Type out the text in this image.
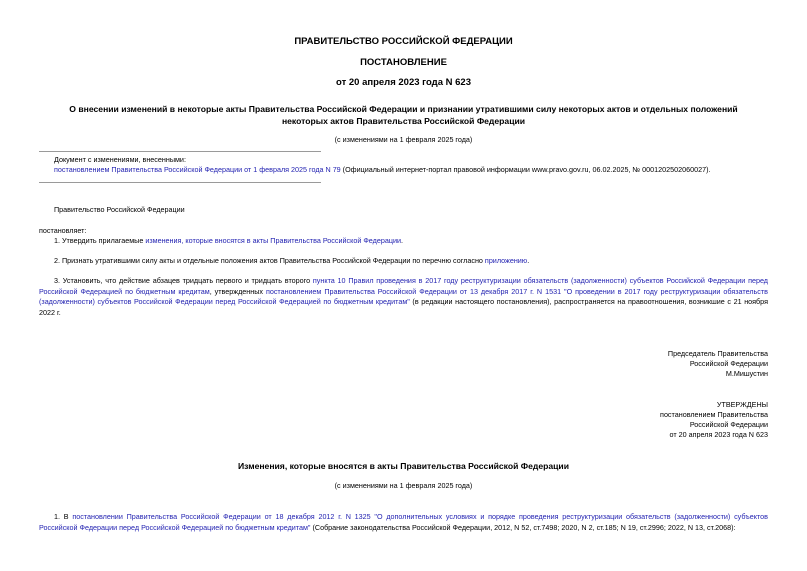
ПРАВИТЕЛЬСТВО РОССИЙСКОЙ ФЕДЕРАЦИИ
ПОСТАНОВЛЕНИЕ
от 20 апреля 2023 года N 623
О внесении изменений в некоторые акты Правительства Российской Федерации и признании утратившими силу некоторых актов и отдельных положений
некоторых актов Правительства Российской Федерации
(с изменениями на 1 февраля 2025 года)
Документ с изменениями, внесенными:
постановлением Правительства Российской Федерации от 1 февраля 2025 года N 79 (Официальный интернет-портал правовой информации www.pravo.gov.ru, 06.02.2025, № 0001202502060027).
Правительство Российской Федерации
постановляет:
1. Утвердить прилагаемые изменения, которые вносятся в акты Правительства Российской Федерации.
2. Признать утратившими силу акты и отдельные положения актов Правительства Российской Федерации по перечню согласно приложению.
3. Установить, что действие абзацев тридцать первого и тридцать второго пункта 10 Правил проведения в 2017 году реструктуризации обязательств (задолженности) субъектов Российской Федерации перед Российской Федерацией по бюджетным кредитам, утвержденных постановлением Правительства Российской Федерации от 13 декабря 2017 г. N 1531 "О проведении в 2017 году реструктуризации обязательств (задолженности) субъектов Российской Федерации перед Российской Федерацией по бюджетным кредитам" (в редакции настоящего постановления), распространяется на правоотношения, возникшие с 21 ноября 2022 г.
Председатель Правительства
Российской Федерации
М.Мишустин
УТВЕРЖДЕНЫ
постановлением Правительства
Российской Федерации
от 20 апреля 2023 года N 623
Изменения, которые вносятся в акты Правительства Российской Федерации
(с изменениями на 1 февраля 2025 года)
1. В постановлении Правительства Российской Федерации от 18 декабря 2012 г. N 1325 "О дополнительных условиях и порядке проведения реструктуризации обязательств (задолженности) субъектов Российской Федерации перед Российской Федерацией по бюджетным кредитам" (Собрание законодательства Российской Федерации, 2012, N 52, ст.7498; 2020, N 2, ст.185; N 19, ст.2996; 2022, N 13, ст.2068):
